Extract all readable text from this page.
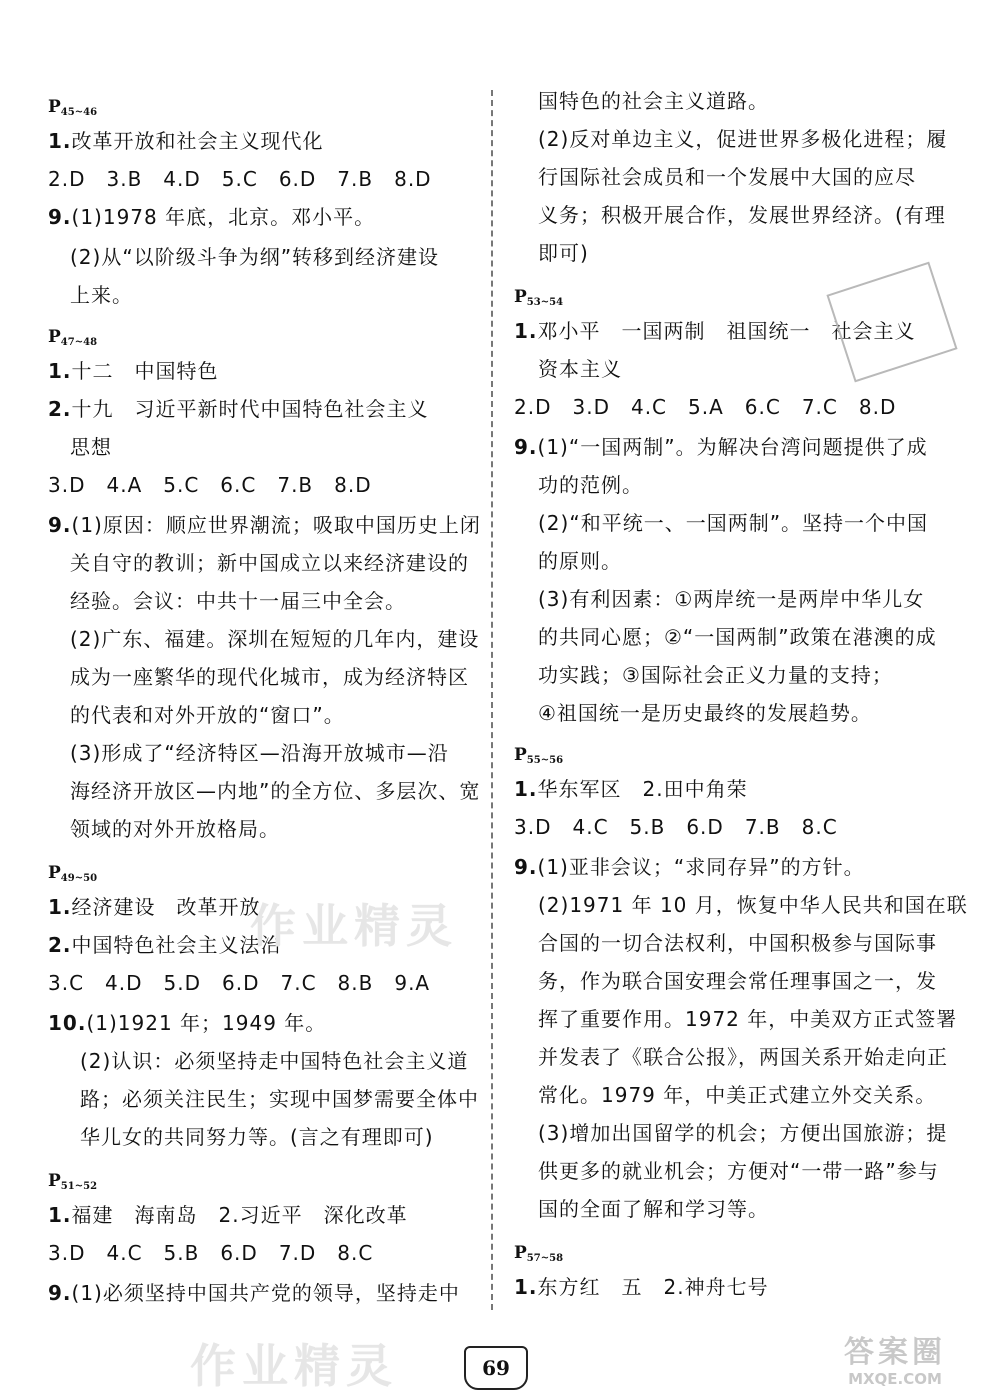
$P_{45\sim 46}$
1.改革开放和社会主义现代化
2.D　3.B　4.D　5.C　6.D　7.B　8.D
9.(1)1978 年底，北京。邓小平。
(2)从“以阶级斗争为纲”转移到经济建设
上来。
$P_{47\sim 48}$
1.十二　中国特色
2.十九　习近平新时代中国特色社会主义
思想
3.D　4.A　5.C　6.C　7.B　8.D
9.(1)原因：顺应世界潮流；吸取中国历史上闭
关自守的教训；新中国成立以来经济建设的
经验。会议：中共十一届三中全会。
(2)广东、福建。深圳在短短的几年内，建设
成为一座繁华的现代化城市，成为经济特区
的代表和对外开放的“窗口”。
(3)形成了“经济特区—沿海开放城市—沿
海经济开放区—内地”的全方位、多层次、宽
领域的对外开放格局。
$P_{49\sim 50}$
1.经济建设　改革开放
2.中国特色社会主义法治
3.C　4.D　5.D　6.D　7.C　8.B　9.A
10.(1)1921 年；1949 年。
(2)认识：必须坚持走中国特色社会主义道
路；必须关注民生；实现中国梦需要全体中
华儿女的共同努力等。(言之有理即可)
$P_{51\sim 52}$
1.福建　海南岛　2.习近平　深化改革
3.D　4.C　5.B　6.D　7.D　8.C
9.(1)必须坚持中国共产党的领导，坚持走中
国特色的社会主义道路。
(2)反对单边主义，促进世界多极化进程；履
行国际社会成员和一个发展中大国的应尽
义务；积极开展合作，发展世界经济。(有理
即可)
$P_{53\sim 54}$
1.邓小平　一国两制　祖国统一　社会主义
资本主义
2.D　3.D　4.C　5.A　6.C　7.C　8.D
9.(1)“一国两制”。为解决台湾问题提供了成
功的范例。
(2)“和平统一、一国两制”。坚持一个中国
的原则。
(3)有利因素：①两岸统一是两岸中华儿女
的共同心愿；②“一国两制”政策在港澳的成
功实践；③国际社会正义力量的支持；
④祖国统一是历史最终的发展趋势。
$P_{55\sim 56}$
1.华东军区　2.田中角荣
3.D　4.C　5.B　6.D　7.B　8.C
9.(1)亚非会议；“求同存异”的方针。
(2)1971 年 10 月，恢复中华人民共和国在联
合国的一切合法权利，中国积极参与国际事
务，作为联合国安理会常任理事国之一，发
挥了重要作用。1972 年，中美双方正式签署
并发表了《联合公报》，两国关系开始走向正
常化。1979 年，中美正式建立外交关系。
(3)增加出国留学的机会；方便出国旅游；提
供更多的就业机会；方便对“一带一路”参与
国的全面了解和学习等。
$P_{57\sim 58}$
1.东方红　五　2.神舟七号
作业精灵
作业精灵	69	答案圈
MXQE.COM
